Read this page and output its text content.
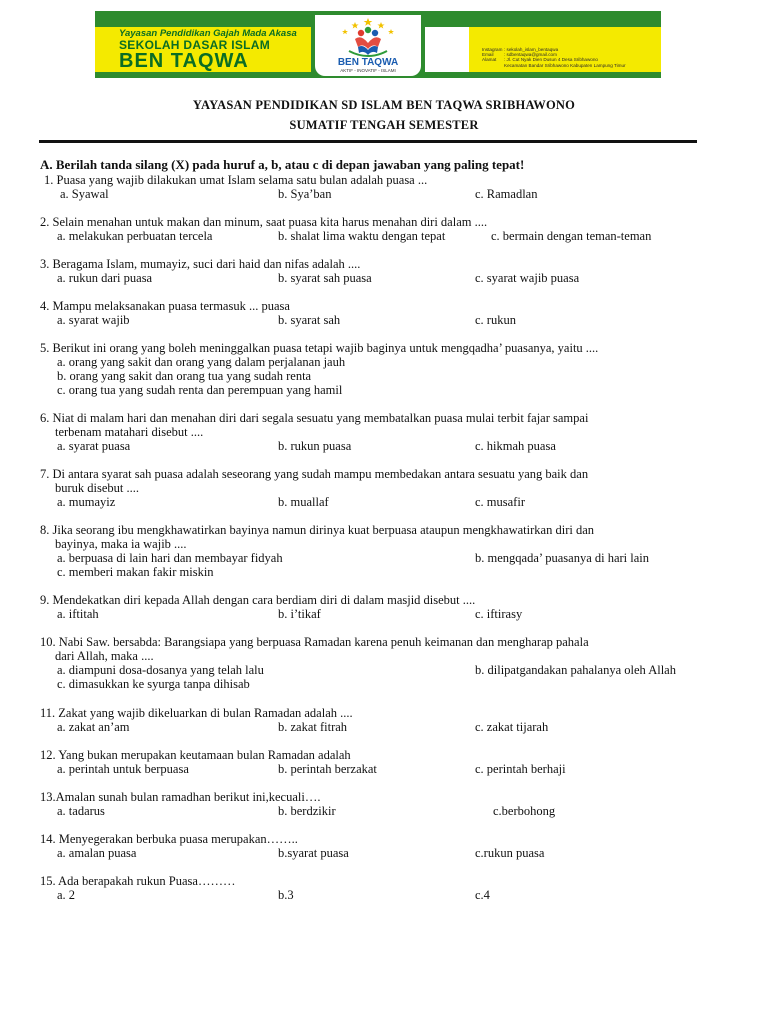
BEN TAQWA
AKTIF - INOVATIF - ISLAMI
Yayasan Pendidikan Gajah Mada Akasa
SEKOLAH DASAR ISLAM
BEN TAQWA
Instagram : sekolah_islam_bentaqwa
Email	: sdbentaqwa@gmail.com
Alamat	: Jl. Cut Nyak Dien Dusun 4 Desa Sribhawono
Kecamatan Bandar Sribhawono Kabupaten Lampung Timur
YAYASAN PENDIDIKAN SD ISLAM BEN TAQWA SRIBHAWONO
SUMATIF TENGAH SEMESTER
A. Berilah tanda silang (X) pada huruf a, b, atau c di depan jawaban yang paling tepat!
1. Puasa yang wajib dilakukan umat Islam selama satu bulan adalah puasa ...
a. Syawal	b. Sya’ban	c. Ramadlan
2. Selain menahan untuk makan dan minum, saat puasa kita harus menahan diri dalam ....
a. melakukan perbuatan tercela	b. shalat lima waktu dengan tepat	c. bermain dengan teman-teman
3. Beragama Islam, mumayiz, suci dari haid dan nifas adalah ....
a. rukun dari puasa	b. syarat sah puasa	c. syarat wajib puasa
4. Mampu melaksanakan puasa termasuk ... puasa
a. syarat wajib	b. syarat sah	c. rukun
5. Berikut ini orang yang boleh meninggalkan puasa tetapi wajib baginya untuk mengqadha’ puasanya, yaitu ....
a. orang yang sakit dan orang yang dalam perjalanan jauh
b. orang yang sakit dan orang tua yang sudah renta
c. orang tua yang sudah renta dan perempuan yang hamil
6. Niat di malam hari dan menahan diri dari segala sesuatu yang membatalkan puasa mulai terbit fajar sampai
terbenam matahari disebut ....
a. syarat puasa	b. rukun puasa	c. hikmah puasa
7. Di antara syarat sah puasa adalah seseorang yang sudah mampu membedakan antara sesuatu yang baik dan
buruk disebut ....
a. mumayiz	b. muallaf	c. musafir
8. Jika seorang ibu mengkhawatirkan bayinya namun dirinya kuat berpuasa ataupun mengkhawatirkan diri dan
bayinya, maka ia wajib ....
a. berpuasa di lain hari dan membayar fidyah	b. mengqada’ puasanya di hari lain
c. memberi makan fakir miskin
9. Mendekatkan diri kepada Allah dengan cara berdiam diri di dalam masjid disebut ....
a. iftitah	b. i’tikaf	c. iftirasy
10. Nabi Saw. bersabda: Barangsiapa yang berpuasa Ramadan karena penuh keimanan dan mengharap pahala
dari Allah, maka ....
a. diampuni dosa-dosanya yang telah lalu	b. dilipatgandakan pahalanya oleh Allah
c. dimasukkan ke syurga tanpa dihisab
11. Zakat yang wajib dikeluarkan di bulan Ramadan adalah ....
a. zakat an’am	b. zakat fitrah	c. zakat tijarah
12. Yang bukan merupakan keutamaan bulan Ramadan adalah
a. perintah untuk berpuasa	b. perintah berzakat	c. perintah berhaji
13.Amalan sunah bulan ramadhan berikut ini,kecuali….
a. tadarus	b. berdzikir	c.berbohong
14. Menyegerakan berbuka puasa merupakan……..
a. amalan puasa	b.syarat puasa	c.rukun puasa
15. Ada berapakah rukun Puasa………
a. 2	b.3	c.4
